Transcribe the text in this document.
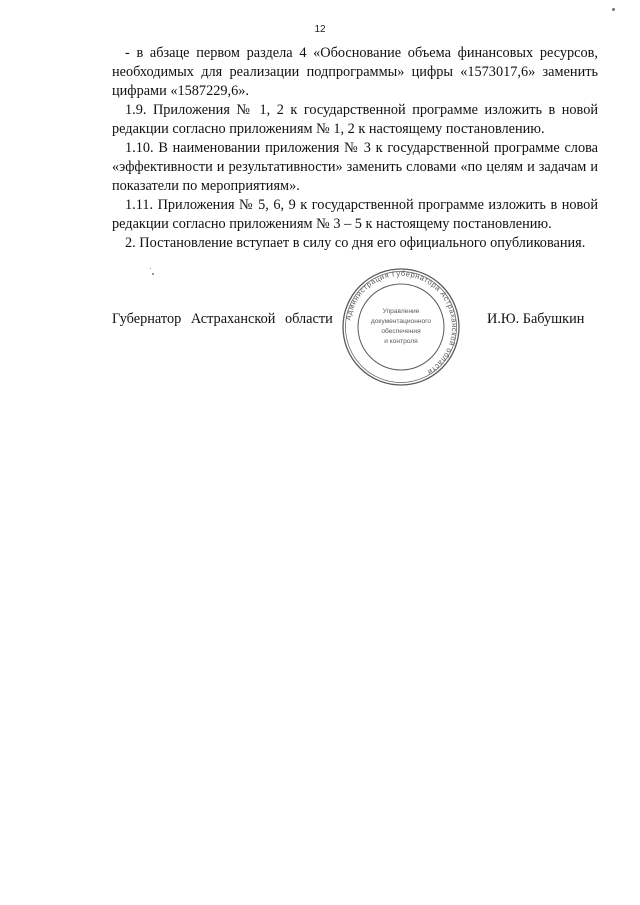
12

- в абзаце первом раздела 4 «Обоснование объема финансовых ресурсов, необходимых для реализации подпрограммы» цифры «1573017,6» заменить цифрами «1587229,6».

1.9. Приложения № 1, 2 к государственной программе изложить в новой редакции согласно приложениям № 1, 2 к настоящему постановлению.

1.10. В наименовании приложения № 3 к государственной программе слова «эффективности и результативности» заменить словами «по целям и задачам и показатели по мероприятиям».

1.11. Приложения № 5, 6, 9 к государственной программе изложить в новой редакции согласно приложениям № 3 – 5 к настоящему постановлению.

2. Постановление вступает в силу со дня его официального опубликования.

Губернатор Астраханской области	И.Ю. Бабушкин
Администрация Губернатора Астраханской области
Управление
документационного
обеспечения
и контроля
